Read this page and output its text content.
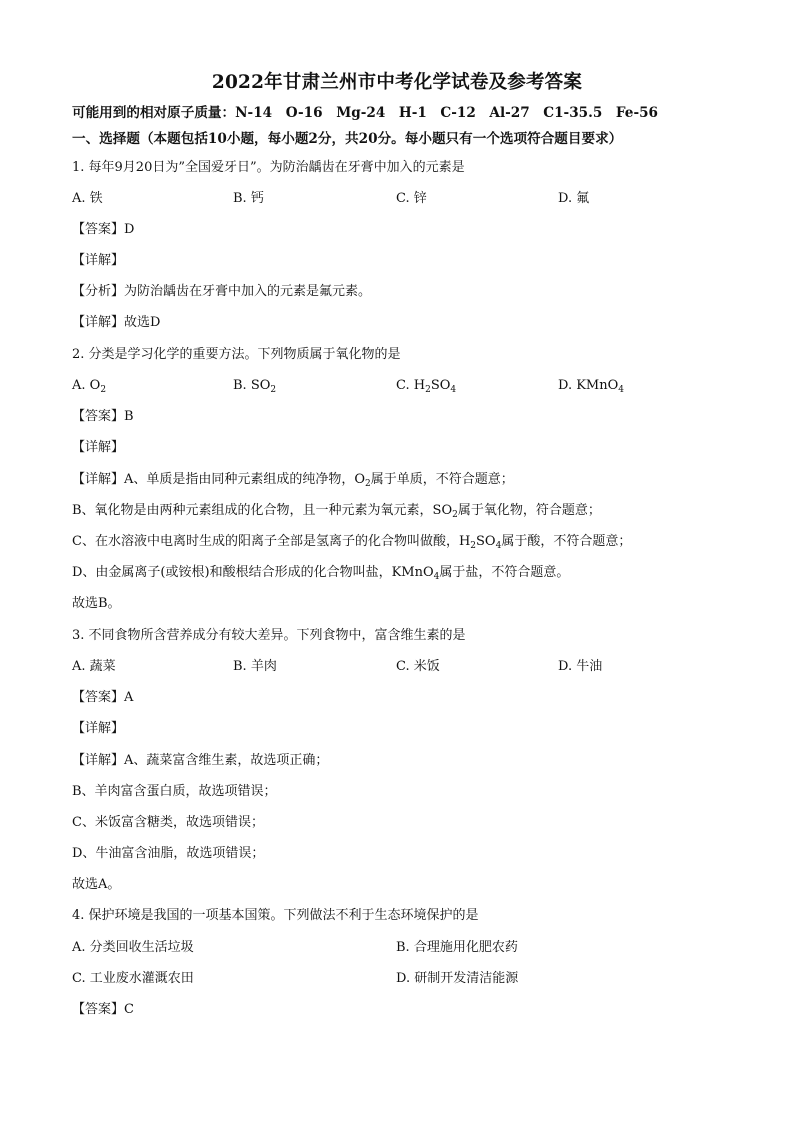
2022年甘肃兰州市中考化学试卷及参考答案
可能用到的相对原子质量：N-14　O-16　Mg-24　H-1　C-12　Al-27　C1-35.5　Fe-56
一、选择题（本题包括10小题，每小题2分，共20分。每小题只有一个选项符合题目要求）
1. 每年9月20日为”全国爱牙日”。为防治龋齿在牙膏中加入的元素是
A. 铁	B. 钙	C. 锌	D. 氟
【答案】D
【详解】
【分析】为防治龋齿在牙膏中加入的元素是氟元素。
【详解】故选D
2. 分类是学习化学的重要方法。下列物质属于氧化物的是
A. $O_2$	B. $SO_2$	C. $H_2SO_4$	D. KMnO$_4$
【答案】B
【详解】
【详解】A、单质是指由同种元素组成的纯净物，$O_2$属于单质，不符合题意；
B、氧化物是由两种元素组成的化合物，且一种元素为氧元素，$SO_2$属于氧化物，符合题意；
C、在水溶液中电离时生成的阳离子全部是氢离子的化合物叫做酸，$H_2SO_4$属于酸，不符合题意；
D、由金属离子(或铵根)和酸根结合形成的化合物叫盐，KMnO$_4$属于盐，不符合题意。
故选B。
3. 不同食物所含营养成分有较大差异。下列食物中，富含维生素的是
A. 蔬菜	B. 羊肉	C. 米饭	D. 牛油
【答案】A
【详解】
【详解】A、蔬菜富含维生素，故选项正确；
B、羊肉富含蛋白质，故选项错误；
C、米饭富含糖类，故选项错误；
D、牛油富含油脂，故选项错误；
故选A。
4. 保护环境是我国的一项基本国策。下列做法不利于生态环境保护的是
A. 分类回收生活垃圾	B. 合理施用化肥农药
C. 工业废水灌溉农田	D. 研制开发清洁能源
【答案】C
